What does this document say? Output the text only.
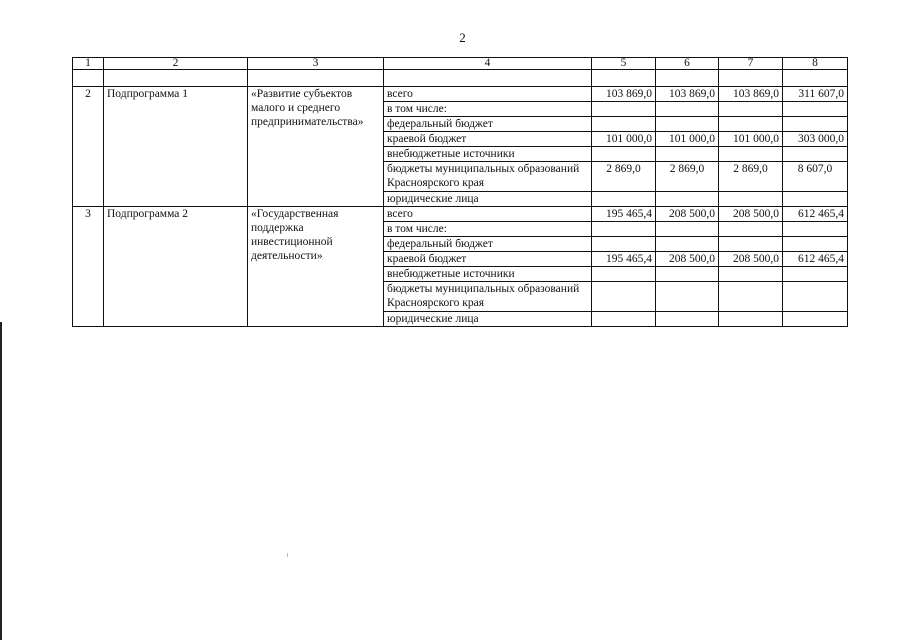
2
1	2	3	4	5	6	7	8

2	Подпрограмма 1	«Развитие субъектов малого и среднего предпринимательства»	всего	103 869,0	103 869,0	103 869,0	311 607,0
			в том числе:				
			федеральный бюджет				
			краевой бюджет	101 000,0	101 000,0	101 000,0	303 000,0
			внебюджетные источники				
			бюджеты муниципальных образований Красноярского края	2 869,0	2 869,0	2 869,0	8 607,0
			юридические лица				
3	Подпрограмма 2	«Государственная поддержка инвестиционной деятельности»	всего	195 465,4	208 500,0	208 500,0	612 465,4
			в том числе:				
			федеральный бюджет				
			краевой бюджет	195 465,4	208 500,0	208 500,0	612 465,4
			внебюджетные источники				
			бюджеты муниципальных образований Красноярского края				
			юридические лица				
